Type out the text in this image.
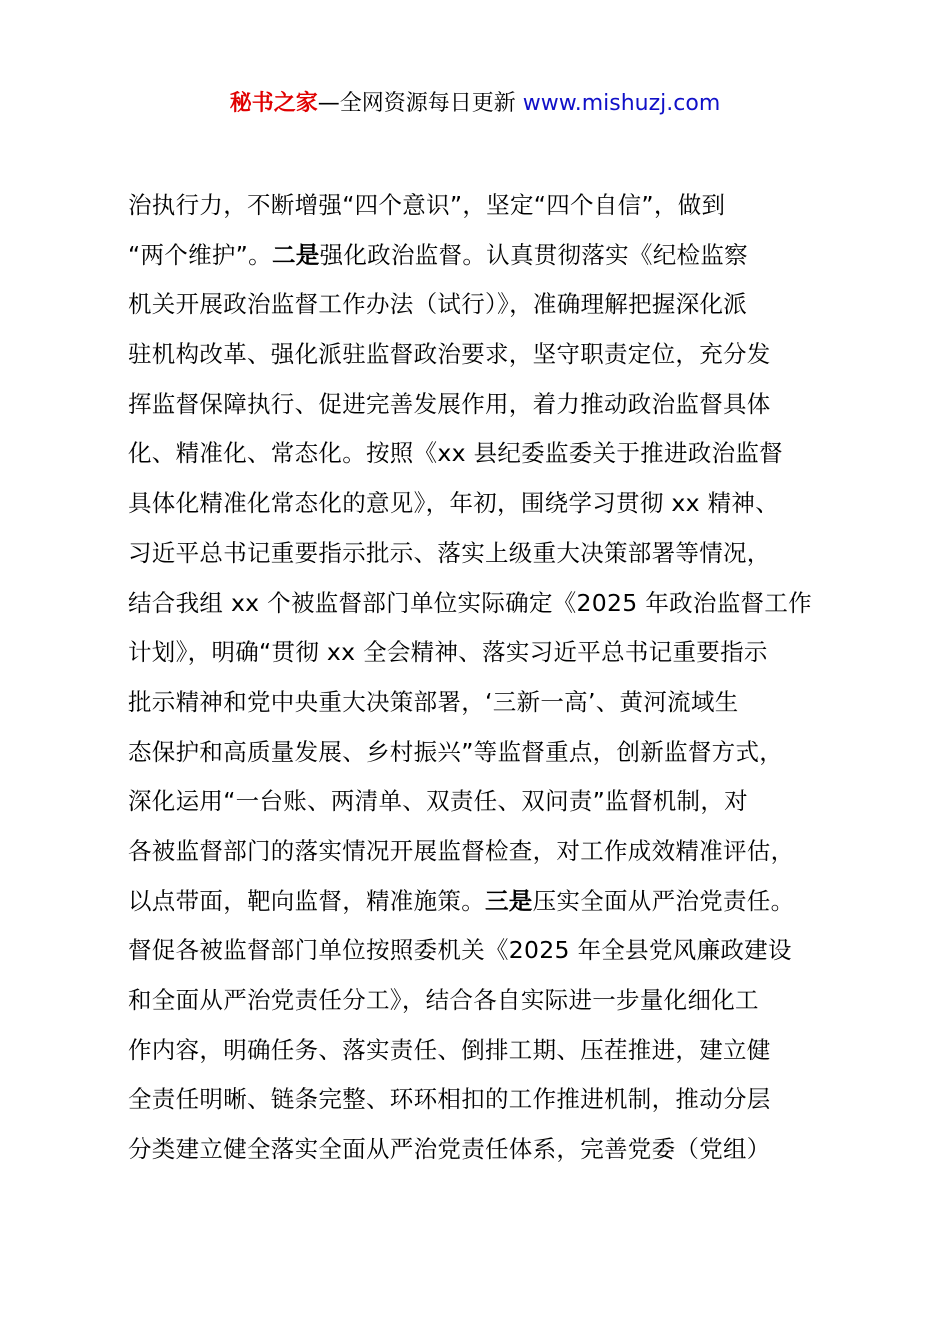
秘书之家—全网资源每日更新 www.mishuzj.com
治执行力，不断增强“四个意识”，坚定“四个自信”，做到
“两个维护”。二是强化政治监督。认真贯彻落实《纪检监察
机关开展政治监督工作办法（试行）》，准确理解把握深化派
驻机构改革、强化派驻监督政治要求，坚守职责定位，充分发
挥监督保障执行、促进完善发展作用，着力推动政治监督具体
化、精准化、常态化。按照《xx 县纪委监委关于推进政治监督
具体化精准化常态化的意见》，年初，围绕学习贯彻 xx 精神、
习近平总书记重要指示批示、落实上级重大决策部署等情况，
结合我组 xx 个被监督部门单位实际确定《2025 年政治监督工作
计划》，明确“贯彻 xx 全会精神、落实习近平总书记重要指示
批示精神和党中央重大决策部署，‘三新一高’、黄河流域生
态保护和高质量发展、乡村振兴”等监督重点，创新监督方式，
深化运用“一台账、两清单、双责任、双问责”监督机制，对
各被监督部门的落实情况开展监督检查，对工作成效精准评估，
以点带面，靶向监督，精准施策。三是压实全面从严治党责任。
督促各被监督部门单位按照委机关《2025 年全县党风廉政建设
和全面从严治党责任分工》，结合各自实际进一步量化细化工
作内容，明确任务、落实责任、倒排工期、压茬推进，建立健
全责任明晰、链条完整、环环相扣的工作推进机制，推动分层
分类建立健全落实全面从严治党责任体系，完善党委（党组）
